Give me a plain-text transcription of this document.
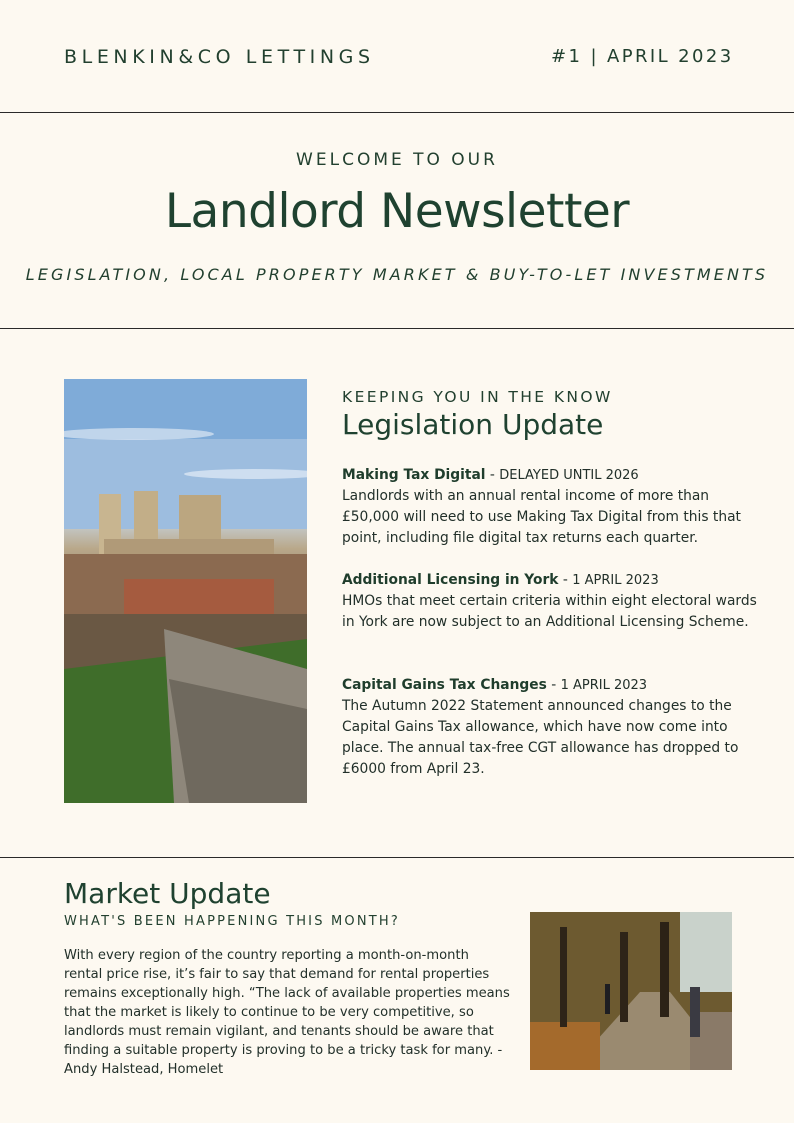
BLENKIN&CO LETTINGS	#1 | APRIL 2023
WELCOME TO OUR
Landlord Newsletter
LEGISLATION, LOCAL PROPERTY MARKET & BUY-TO-LET INVESTMENTS
KEEPING YOU IN THE KNOW
Legislation Update
Making Tax Digital - DELAYED UNTIL 2026
Landlords with an annual rental income of more than £50,000 will need to use Making Tax Digital from this that point, including file digital tax returns each quarter.
Additional Licensing in York - 1 APRIL 2023
HMOs that meet certain criteria within eight electoral wards in York are now subject to an Additional Licensing Scheme.
Capital Gains Tax Changes - 1 APRIL 2023
The Autumn 2022 Statement announced changes to the Capital Gains Tax allowance, which have now come into place. The annual tax-free CGT allowance has dropped to £6000 from April 23.
Market Update
WHAT'S BEEN HAPPENING THIS MONTH?
With every region of the country reporting a month-on-month rental price rise, it’s fair to say that demand for rental properties remains exceptionally high. “The lack of available properties means that the market is likely to continue to be very competitive, so landlords must remain vigilant, and tenants should be aware that finding a suitable property is proving to be a tricky task for many. - Andy Halstead, Homelet
